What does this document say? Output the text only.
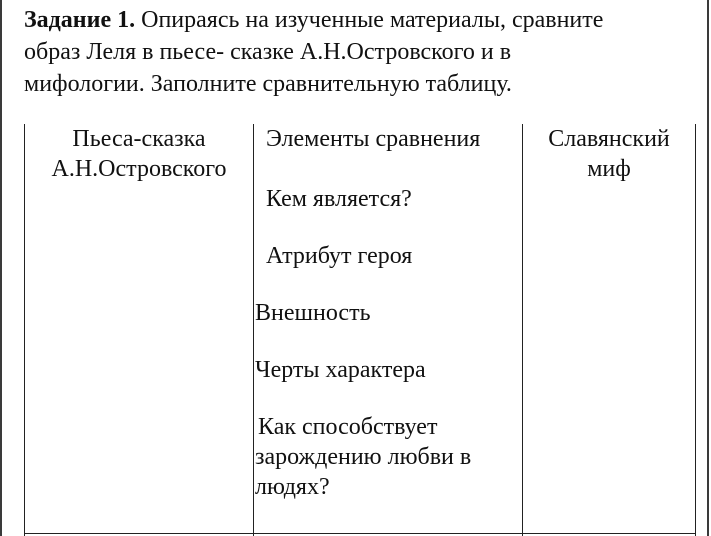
Задание 1. Опираясь на изученные материалы, сравните
образ Леля в пьесе- сказке А.Н.Островского и в
мифологии. Заполните сравнительную таблицу.
Пьеса-сказка
А.Н.Островского
Элементы сравнения	Славянский
миф
Кем является?
Атрибут героя
Внешность
Черты характера
Как способствует
зарождению любви в
людях?
